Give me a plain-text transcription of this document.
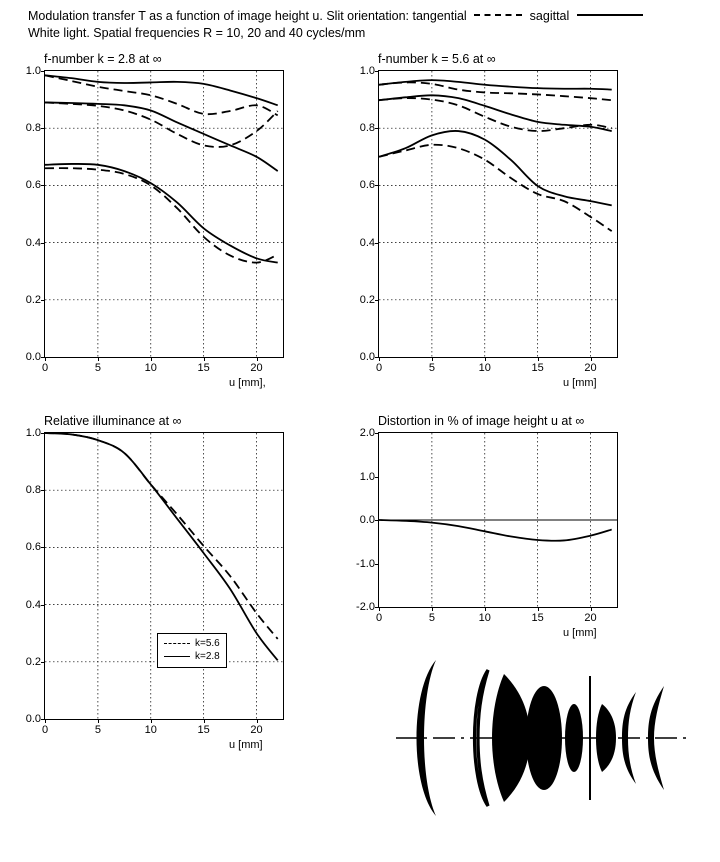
Modulation transfer T as a function of image height u. Slit orientation: tangential	sagittal
White light. Spatial frequencies R = 10, 20 and 40 cycles/mm
f-number k = 2.8 at ∞
0.0
0.2
0.4
0.6
0.8
1.0
0	5	10	15	20
u [mm],
f-number k = 5.6 at ∞
0.0
0.2
0.4
0.6
0.8
1.0
0	5	10	15	20
u [mm]
Relative illuminance at ∞
k=5.6
k=2.8
0.0
0.2
0.4
0.6
0.8
1.0
0	5	10	15	20
u [mm]
Distortion in % of image height u at ∞
-2.0
-1.0
0.0
1.0
2.0
0	5	10	15	20
u [mm]
